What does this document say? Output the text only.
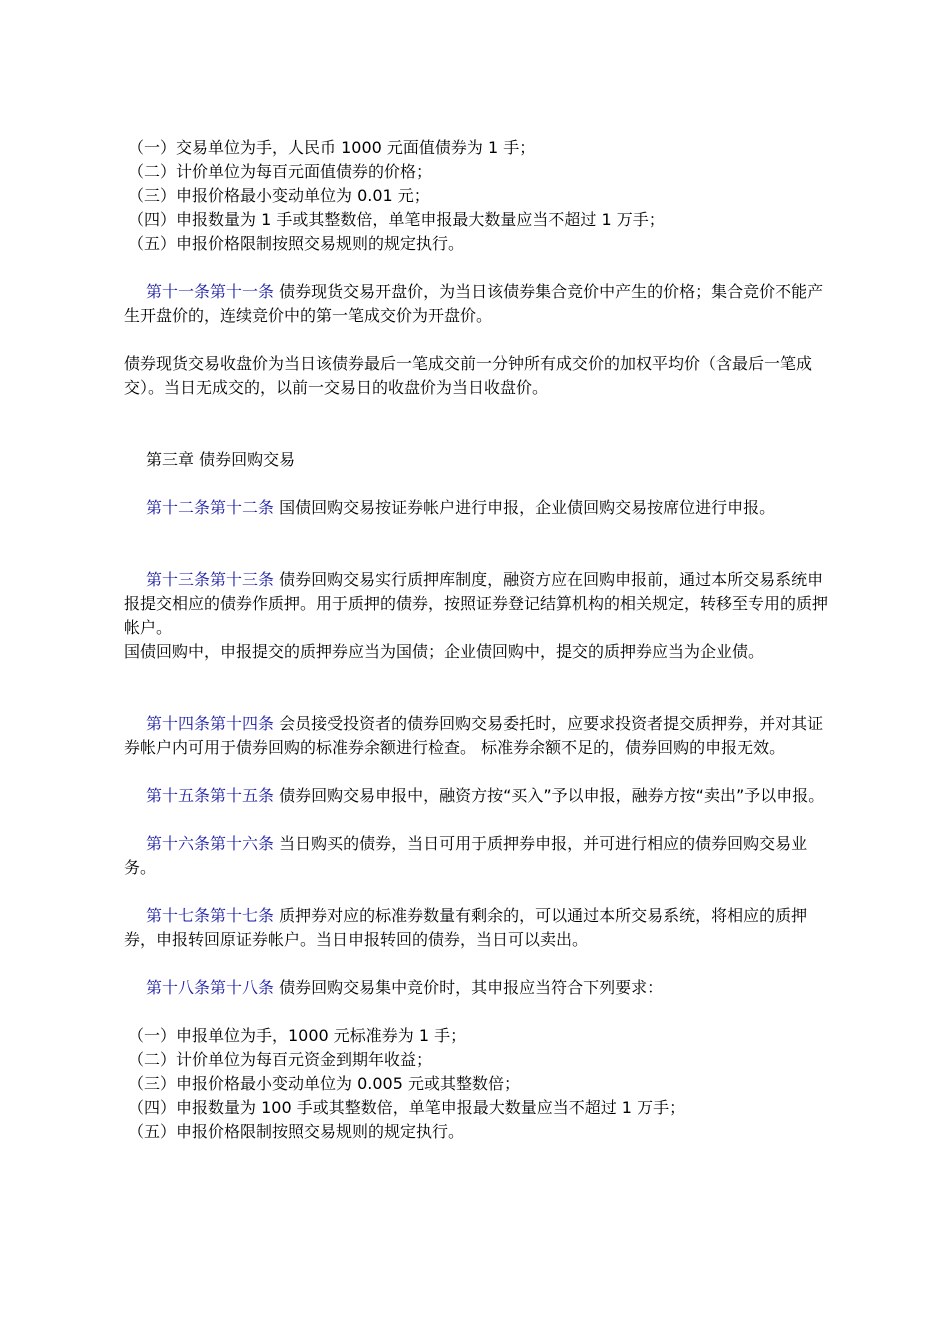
（一）交易单位为手，人民币 1000 元面值债券为 1 手；

（二）计价单位为每百元面值债券的价格；

（三）申报价格最小变动单位为 0.01 元；

（四）申报数量为 1 手或其整数倍，单笔申报最大数量应当不超过 1 万手；

（五）申报价格限制按照交易规则的规定执行。

第十一条第十一条 债券现货交易开盘价，为当日该债券集合竞价中产生的价格；集合竞价不能产生开盘价的，连续竞价中的第一笔成交价为开盘价。

债券现货交易收盘价为当日该债券最后一笔成交前一分钟所有成交价的加权平均价（含最后一笔成交）。当日无成交的，以前一交易日的收盘价为当日收盘价。

第三章 债券回购交易

第十二条第十二条 国债回购交易按证券帐户进行申报，企业债回购交易按席位进行申报。

第十三条第十三条 债券回购交易实行质押库制度，融资方应在回购申报前，通过本所交易系统申报提交相应的债券作质押。用于质押的债券，按照证券登记结算机构的相关规定，转移至专用的质押帐户。

国债回购中，申报提交的质押券应当为国债；企业债回购中，提交的质押券应当为企业债。

第十四条第十四条 会员接受投资者的债券回购交易委托时，应要求投资者提交质押券，并对其证券帐户内可用于债券回购的标准券余额进行检查。 标准券余额不足的，债券回购的申报无效。

第十五条第十五条 债券回购交易申报中，融资方按“买入”予以申报，融券方按“卖出”予以申报。

第十六条第十六条 当日购买的债券，当日可用于质押券申报，并可进行相应的债券回购交易业务。

第十七条第十七条 质押券对应的标准券数量有剩余的，可以通过本所交易系统，将相应的质押券，申报转回原证券帐户。当日申报转回的债券，当日可以卖出。

第十八条第十八条 债券回购交易集中竞价时，其申报应当符合下列要求：

（一）申报单位为手，1000 元标准券为 1 手；

（二）计价单位为每百元资金到期年收益；

（三）申报价格最小变动单位为 0.005 元或其整数倍；

（四）申报数量为 100 手或其整数倍，单笔申报最大数量应当不超过 1 万手；

（五）申报价格限制按照交易规则的规定执行。
